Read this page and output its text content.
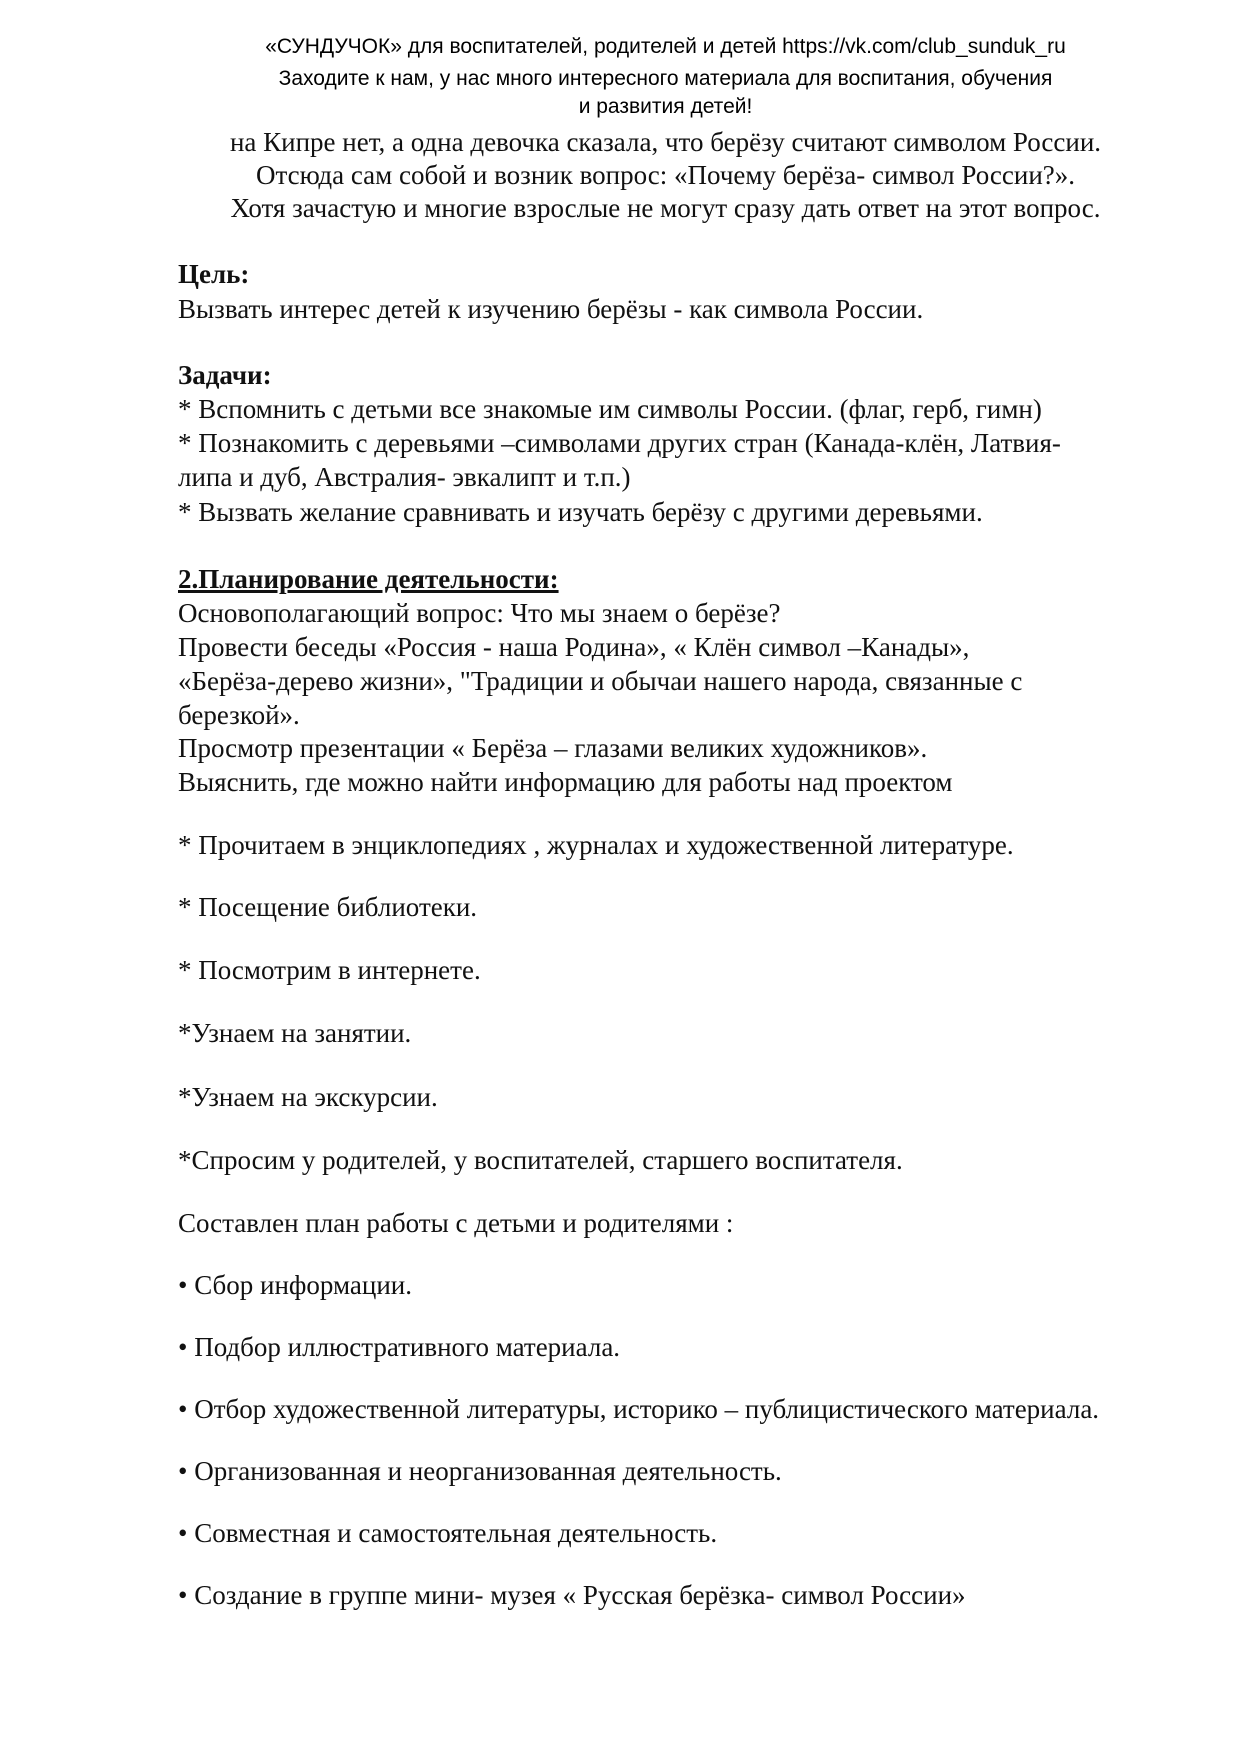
«СУНДУЧОК» для воспитателей, родителей и детей https://vk.com/club_sunduk_ru
Заходите к нам, у нас много интересного материала для воспитания, обучения
и развития детей!
на Кипре нет, а одна девочка сказала, что берёзу считают символом России.
Отсюда сам собой и возник вопрос: «Почему берёза- символ России?».
Хотя зачастую и многие взрослые не могут сразу дать ответ на этот вопрос.
Цель:
Вызвать интерес детей к изучению берёзы - как символа России.
Задачи:
* Вспомнить с детьми все знакомые им символы России. (флаг, герб, гимн)
* Познакомить с деревьями –символами других стран (Канада-клён, Латвия-
липа и дуб, Австралия- эвкалипт и т.п.)
* Вызвать желание сравнивать и изучать берёзу с другими деревьями.
2.Планирование деятельности:
Основополагающий вопрос: Что мы знаем о берёзе?
Провести беседы «Россия - наша Родина», « Клён символ –Канады»,
«Берёза-дерево жизни», "Традиции и обычаи нашего народа, связанные с
березкой».
Просмотр презентации « Берёза – глазами великих художников».
Выяснить, где можно найти информацию для работы над проектом
* Прочитаем в энциклопедиях , журналах и художественной литературе.
* Посещение библиотеки.
* Посмотрим в интернете.
*Узнаем на занятии.
*Узнаем на экскурсии.
*Спросим у родителей, у воспитателей, старшего воспитателя.
Составлен план работы с детьми и родителями :
• Сбор информации.
• Подбор иллюстративного материала.
• Отбор художественной литературы, историко – публицистического материала.
• Организованная и неорганизованная деятельность.
• Совместная и самостоятельная деятельность.
• Создание в группе мини- музея « Русская берёзка- символ России»
